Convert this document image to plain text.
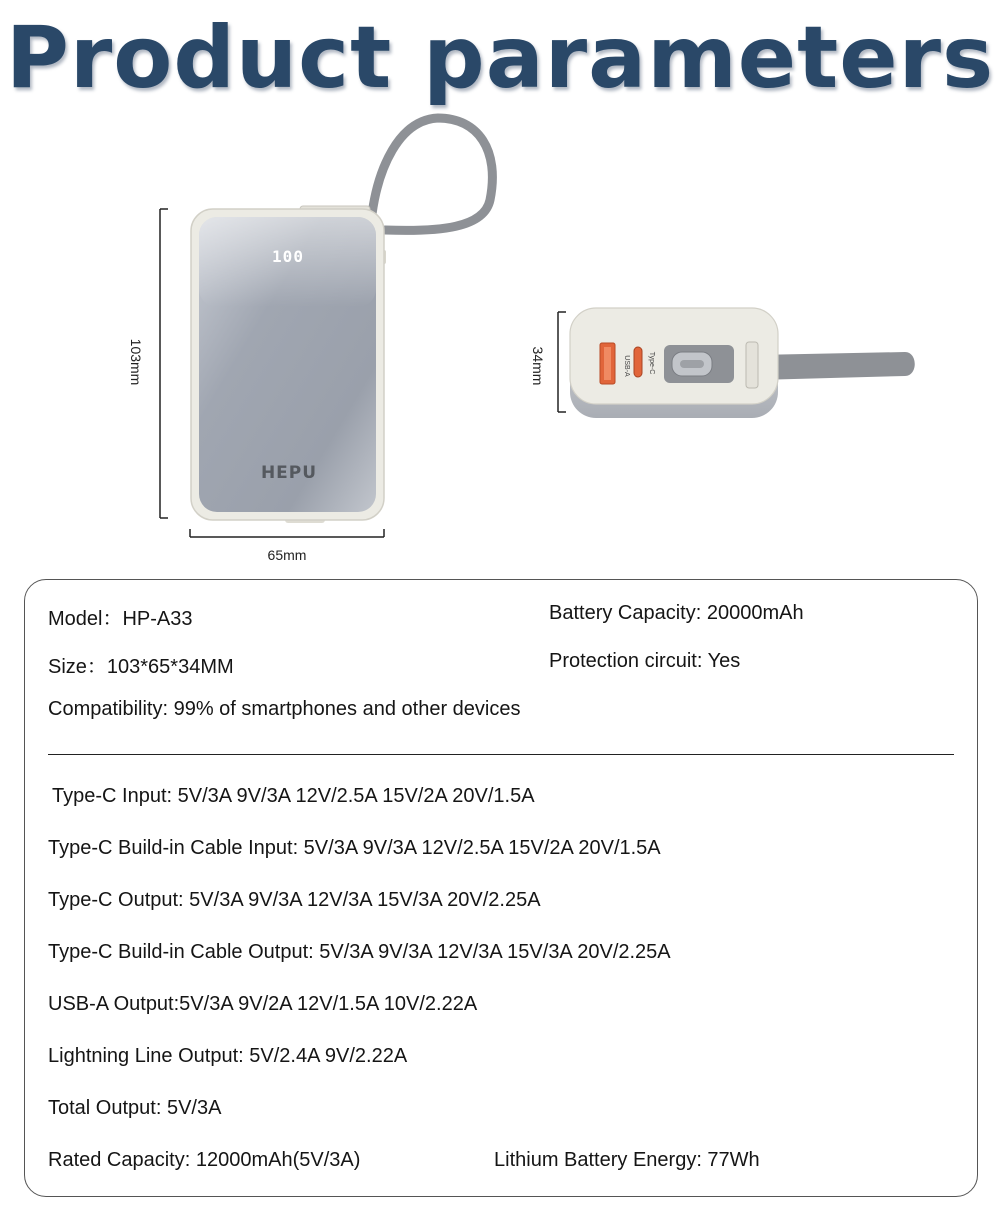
Product parameters
100
HEPU
103mm
65mm
USB-A	Type-C
34mm
Model：HP-A33	Battery Capacity: 20000mAh
Size：103*65*34MM	Protection circuit: Yes
Compatibility: 99% of smartphones and other devices
Type-C Input: 5V/3A 9V/3A 12V/2.5A 15V/2A 20V/1.5A
Type-C Build-in Cable Input: 5V/3A 9V/3A 12V/2.5A 15V/2A 20V/1.5A
Type-C Output: 5V/3A 9V/3A 12V/3A 15V/3A 20V/2.25A
Type-C Build-in Cable Output: 5V/3A 9V/3A 12V/3A 15V/3A 20V/2.25A
USB-A Output:5V/3A 9V/2A 12V/1.5A 10V/2.22A
Lightning Line Output: 5V/2.4A 9V/2.22A
Total Output: 5V/3A
Rated Capacity: 12000mAh(5V/3A)	Lithium Battery Energy: 77Wh
